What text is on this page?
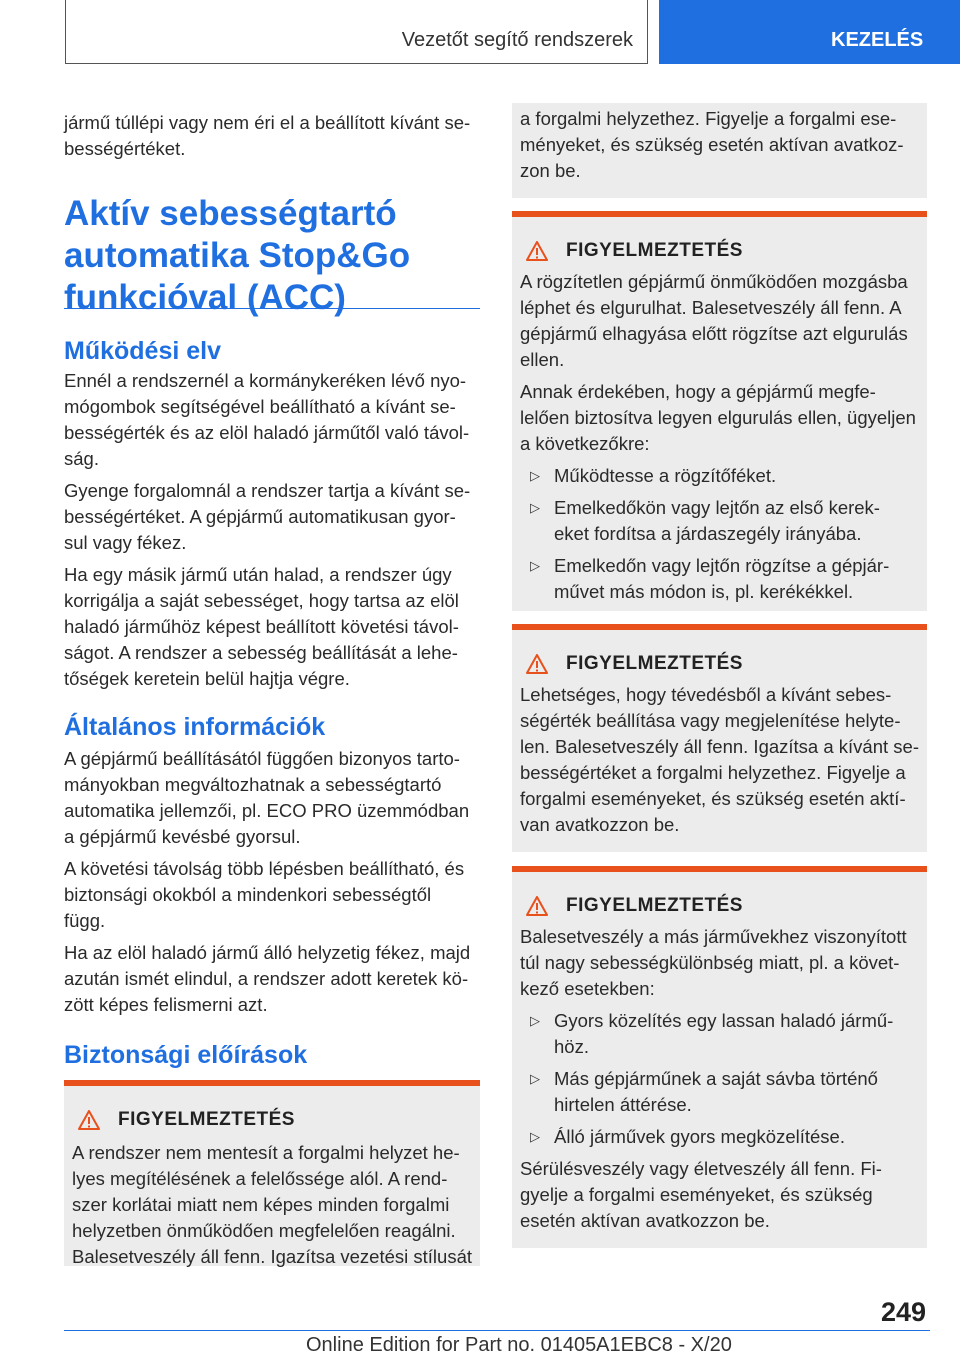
Vezetőt segítő rendszerek	KEZELÉS

jármű túllépi vagy nem éri el a beállított kívánt se-
bességértéket.

Aktív sebességtartó
automatika Stop&Go
funkcióval (ACC)
Működési elv

Ennél a rendszernél a kormánykeréken lévő nyo-
mógombok segítségével beállítható a kívánt se-
bességérték és az elöl haladó járműtől való távol-
ság.

Gyenge forgalomnál a rendszer tartja a kívánt se-
bességértéket. A gépjármű automatikusan gyor-
sul vagy fékez.

Ha egy másik jármű után halad, a rendszer úgy
korrigálja a saját sebességet, hogy tartsa az elöl
haladó járműhöz képest beállított követési távol-
ságot. A rendszer a sebesség beállítását a lehe-
tőségek keretein belül hajtja végre.

Általános információk

A gépjármű beállításától függően bizonyos tarto-
mányokban megváltozhatnak a sebességtartó
automatika jellemzői, pl. ECO PRO üzemmódban
a gépjármű kevésbé gyorsul.

A követési távolság több lépésben beállítható, és
biztonsági okokból a mindenkori sebességtől
függ.

Ha az elöl haladó jármű álló helyzetig fékez, majd
azután ismét elindul, a rendszer adott keretek kö-
zött képes felismerni azt.

Biztonsági előírások
FIGYELMEZTETÉS

A rendszer nem mentesít a forgalmi helyzet he-
lyes megítélésének a felelőssége alól. A rend-
szer korlátai miatt nem képes minden forgalmi
helyzetben önműködően megfelelően reagálni.
Balesetveszély áll fenn. Igazítsa vezetési stílusát

a forgalmi helyzethez. Figyelje a forgalmi ese-
ményeket, és szükség esetén aktívan avatkoz-
zon be.

FIGYELMEZTETÉS

A rögzítetlen gépjármű önműködően mozgásba
léphet és elgurulhat. Balesetveszély áll fenn. A
gépjármű elhagyása előtt rögzítse azt elgurulás
ellen.

Annak érdekében, hogy a gépjármű megfe-
lelően biztosítva legyen elgurulás ellen, ügyeljen
a következőkre:

▷ Működtesse a rögzítőféket.
▷ Emelkedőkön vagy lejtőn az első kerek-
eket fordítsa a járdaszegély irányába.
▷ Emelkedőn vagy lejtőn rögzítse a gépjár-
művet más módon is, pl. kerékékkel.
FIGYELMEZTETÉS

Lehetséges, hogy tévedésből a kívánt sebes-
ségérték beállítása vagy megjelenítése helyte-
len. Balesetveszély áll fenn. Igazítsa a kívánt se-
bességértéket a forgalmi helyzethez. Figyelje a
forgalmi eseményeket, és szükség esetén aktí-
van avatkozzon be.

FIGYELMEZTETÉS

Balesetveszély a más járművekhez viszonyított
túl nagy sebességkülönbség miatt, pl. a követ-
kező esetekben:

▷ Gyors közelítés egy lassan haladó jármű-
höz.
▷ Más gépjárműnek a saját sávba történő
hirtelen áttérése.
▷ Álló járművek gyors megközelítése.

Sérülésveszély vagy életveszély áll fenn. Fi-
gyelje a forgalmi eseményeket, és szükség
esetén aktívan avatkozzon be.

249
Online Edition for Part no. 01405A1EBC8 - X/20
